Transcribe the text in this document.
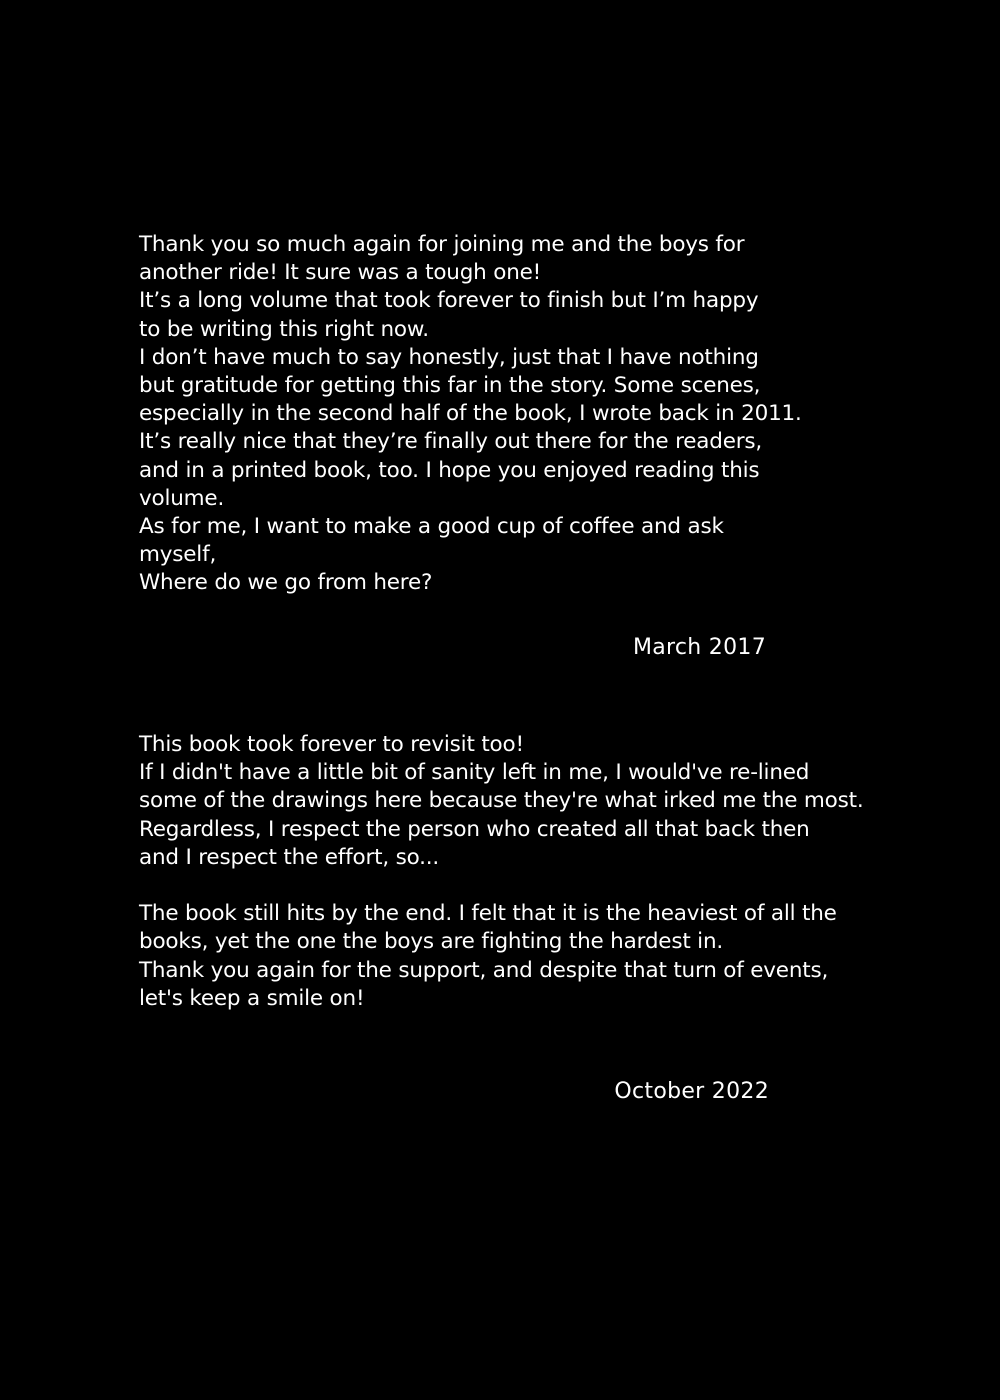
Thank you so much again for joining me and the boys for
another ride! It sure was a tough one!
It’s a long volume that took forever to finish but I’m happy
to be writing this right now.
I don’t have much to say honestly, just that I have nothing
but gratitude for getting this far in the story. Some scenes,
especially in the second half of the book, I wrote back in 2011.
It’s really nice that they’re finally out there for the readers,
and in a printed book, too. I hope you enjoyed reading this
volume.
As for me, I want to make a good cup of coffee and ask
myself,
Where do we go from here?

March 2017

This book took forever to revisit too!
If I didn't have a little bit of sanity left in me, I would've re-lined
some of the drawings here because they're what irked me the most.
Regardless, I respect the person who created all that back then
and I respect the effort, so...
The book still hits by the end. I felt that it is the heaviest of all the
books, yet the one the boys are fighting the hardest in.
Thank you again for the support, and despite that turn of events,
let's keep a smile on!

October 2022
